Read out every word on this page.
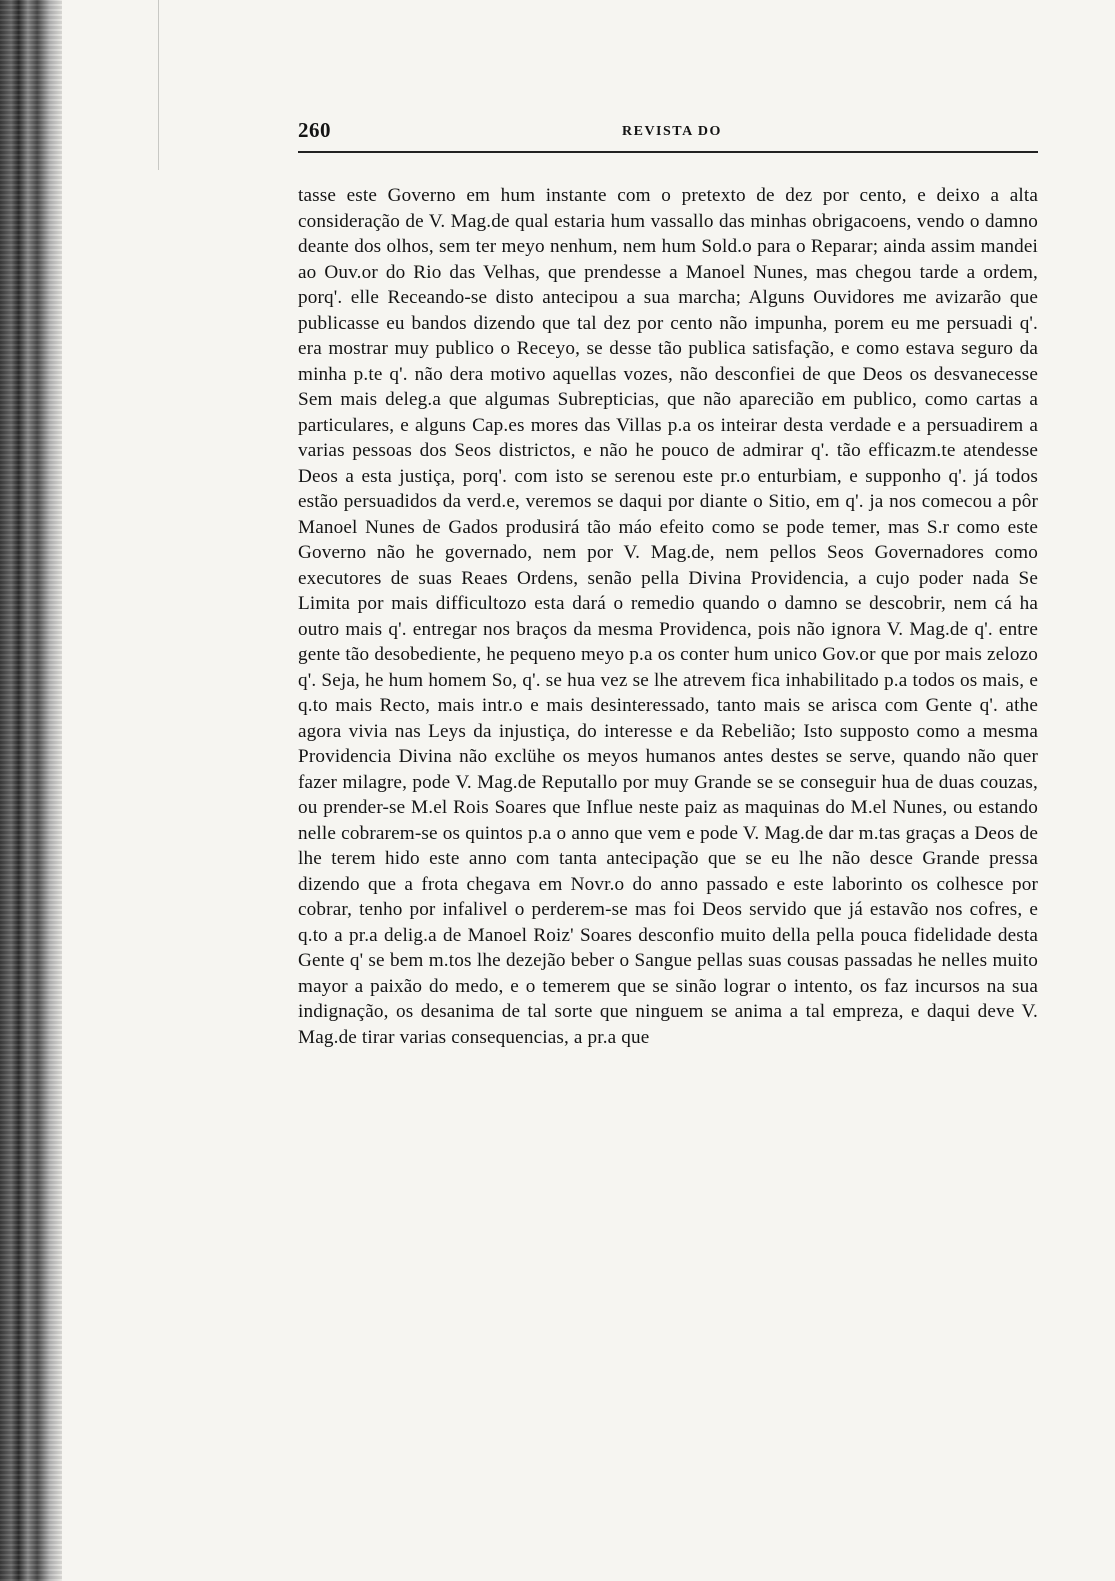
260	REVISTA DO

tasse este Governo em hum instante com o pretexto de dez por cento, e deixo a alta consideração de V. Mag.de qual estaria hum vassallo das minhas obrigacoens, vendo o damno deante dos olhos, sem ter meyo nenhum, nem hum Sold.o para o Reparar; ainda assim mandei ao Ouv.or do Rio das Velhas, que prendesse a Manoel Nunes, mas chegou tarde a ordem, porq'. elle Receando-se disto antecipou a sua marcha; Alguns Ouvidores me avizarão que publicasse eu bandos dizendo que tal dez por cento não impunha, porem eu me persuadi q'. era mostrar muy publico o Receyo, se desse tão publica satisfação, e como estava seguro da minha p.te q'. não dera motivo aquellas vozes, não desconfiei de que Deos os desvanecesse Sem mais deleg.a que algumas Subrepticias, que não aparecião em publico, como cartas a particulares, e alguns Cap.es mores das Villas p.a os inteirar desta verdade e a persuadirem a varias pessoas dos Seos districtos, e não he pouco de admirar q'. tão efficazm.te atendesse Deos a esta justiça, porq'. com isto se serenou este pr.o enturbiam, e supponho q'. já todos estão persuadidos da verd.e, veremos se daqui por diante o Sitio, em q'. ja nos comecou a pôr Manoel Nunes de Gados produsirá tão máo efeito como se pode temer, mas S.r como este Governo não he governado, nem por V. Mag.de, nem pellos Seos Governadores como executores de suas Reaes Ordens, senão pella Divina Providencia, a cujo poder nada Se Limita por mais difficultozo esta dará o remedio quando o damno se descobrir, nem cá ha outro mais q'. entregar nos braços da mesma Providenca, pois não ignora V. Mag.de q'. entre gente tão desobediente, he pequeno meyo p.a os conter hum unico Gov.or que por mais zelozo q'. Seja, he hum homem So, q'. se hua vez se lhe atrevem fica inhabilitado p.a todos os mais, e q.to mais Recto, mais intr.o e mais desinteressado, tanto mais se arisca com Gente q'. athe agora vivia nas Leys da injustiça, do interesse e da Rebelião; Isto supposto como a mesma Providencia Divina não exclühe os meyos humanos antes destes se serve, quando não quer fazer milagre, pode V. Mag.de Reputallo por muy Grande se se conseguir hua de duas couzas, ou prender-se M.el Rois Soares que Influe neste paiz as maquinas do M.el Nunes, ou estando nelle cobrarem-se os quintos p.a o anno que vem e pode V. Mag.de dar m.tas graças a Deos de lhe terem hido este anno com tanta antecipação que se eu lhe não desce Grande pressa dizendo que a frota chegava em Novr.o do anno passado e este laborinto os colhesce por cobrar, tenho por infalivel o perderem-se mas foi Deos servido que já estavão nos cofres, e q.to a pr.a delig.a de Manoel Roiz' Soares desconfio muito della pella pouca fidelidade desta Gente q' se bem m.tos lhe dezejão beber o Sangue pellas suas cousas passadas he nelles muito mayor a paixão do medo, e o temerem que se sinão lograr o intento, os faz incursos na sua indignação, os desanima de tal sorte que ninguem se anima a tal empreza, e daqui deve V. Mag.de tirar varias consequencias, a pr.a que
